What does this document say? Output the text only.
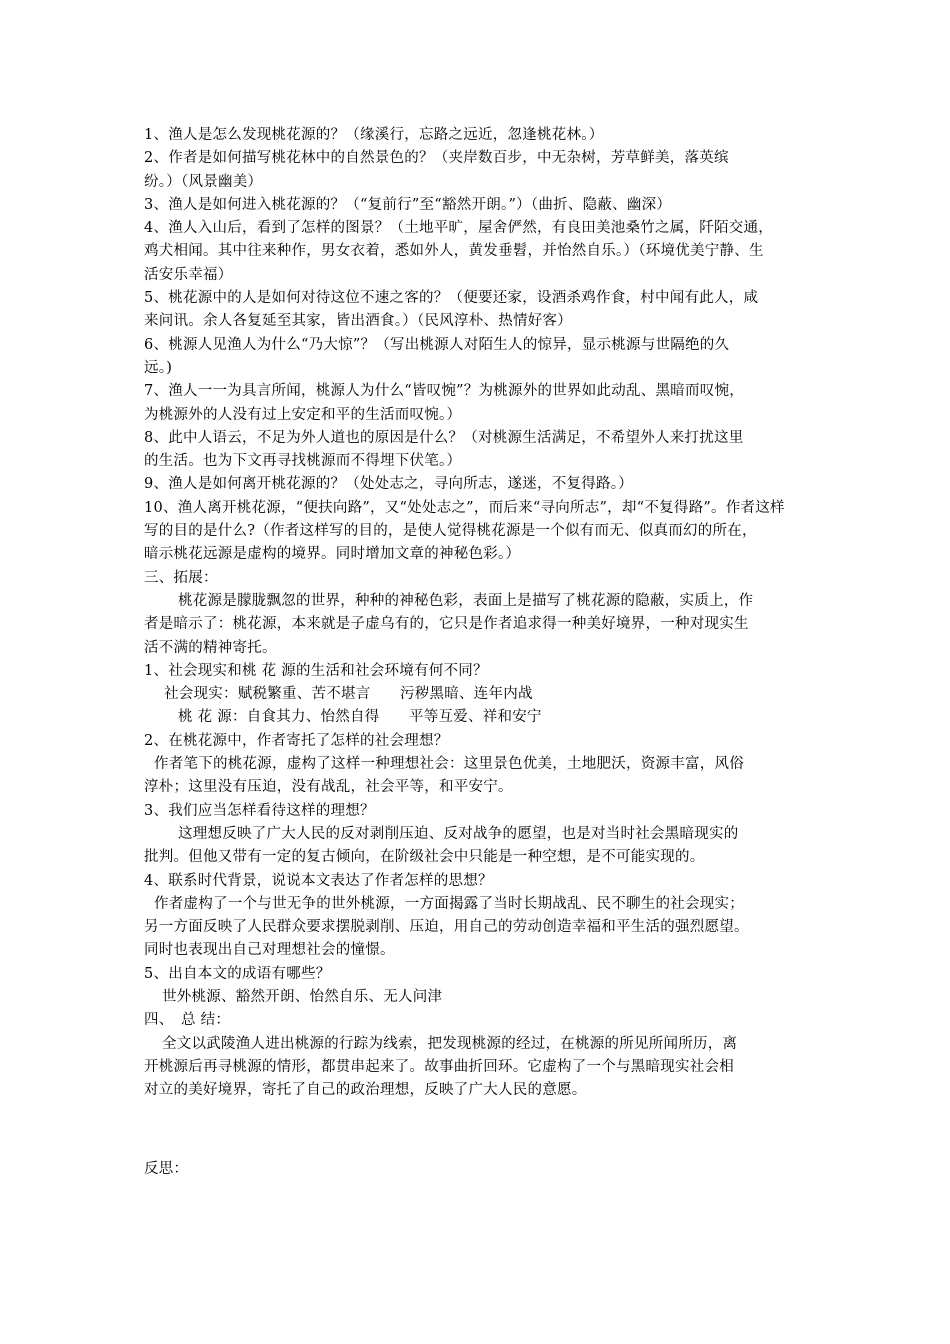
1、渔人是怎么发现桃花源的？（缘溪行，忘路之远近，忽逢桃花林。）

2、作者是如何描写桃花林中的自然景色的？（夹岸数百步，中无杂树，芳草鲜美，落英缤

纷。）（风景幽美）

3、渔人是如何进入桃花源的？（“复前行”至“豁然开朗。”）（曲折、隐蔽、幽深）

4、渔人入山后，看到了怎样的图景？（土地平旷，屋舍俨然，有良田美池桑竹之属，阡陌交通，

鸡犬相闻。其中往来种作，男女衣着，悉如外人，黄发垂髫，并怡然自乐。）（环境优美宁静、生

活安乐幸福）

5、桃花源中的人是如何对待这位不速之客的？（便要还家，设酒杀鸡作食，村中闻有此人，咸

来问讯。余人各复延至其家，皆出酒食。）（民风淳朴、热情好客）

6、桃源人见渔人为什么“乃大惊”？（写出桃源人对陌生人的惊异，显示桃源与世隔绝的久

远。)

7、渔人一一为具言所闻，桃源人为什么“皆叹惋”？为桃源外的世界如此动乱、黑暗而叹惋，

为桃源外的人没有过上安定和平的生活而叹惋。）

8、此中人语云，不足为外人道也的原因是什么？（对桃源生活满足，不希望外人来打扰这里

的生活。也为下文再寻找桃源而不得埋下伏笔。）

9、渔人是如何离开桃花源的？（处处志之，寻向所志，遂迷，不复得路。）

10、渔人离开桃花源，“便扶向路”，又“处处志之”，而后来“寻向所志”，却“不复得路”。作者这样

写的目的是什么?（作者这样写的目的，是使人觉得桃花源是一个似有而无、似真而幻的所在，

暗示桃花远源是虚构的境界。同时增加文章的神秘色彩。）

三、拓展：

桃花源是朦胧飘忽的世界，种种的神秘色彩，表面上是描写了桃花源的隐蔽，实质上，作

者是暗示了：桃花源，本来就是子虚乌有的，它只是作者追求得一种美好境界，一种对现实生

活不满的精神寄托。

1、社会现实和桃 花 源的生活和社会环境有何不同？

社会现实：赋税繁重、苦不堪言　　污秽黑暗、连年内战

桃 花 源：自食其力、怡然自得　　平等互爱、祥和安宁

2、在桃花源中，作者寄托了怎样的社会理想？

作者笔下的桃花源，虚构了这样一种理想社会：这里景色优美，土地肥沃，资源丰富，风俗

淳朴；这里没有压迫，没有战乱，社会平等，和平安宁。

3、我们应当怎样看待这样的理想？

这理想反映了广大人民的反对剥削压迫、反对战争的愿望，也是对当时社会黑暗现实的

批判。但他又带有一定的复古倾向，在阶级社会中只能是一种空想，是不可能实现的。

4、联系时代背景，说说本文表达了作者怎样的思想？

作者虚构了一个与世无争的世外桃源，一方面揭露了当时长期战乱、民不聊生的社会现实；

另一方面反映了人民群众要求摆脱剥削、压迫，用自己的劳动创造幸福和平生活的强烈愿望。

同时也表现出自己对理想社会的憧憬。

5、出自本文的成语有哪些？

世外桃源、豁然开朗、怡然自乐、无人问津

四、　总 结：

全文以武陵渔人进出桃源的行踪为线索，把发现桃源的经过，在桃源的所见所闻所历，离

开桃源后再寻桃源的情形，都贯串起来了。故事曲折回环。它虚构了一个与黑暗现实社会相

对立的美好境界，寄托了自己的政治理想，反映了广大人民的意愿。

反思：
